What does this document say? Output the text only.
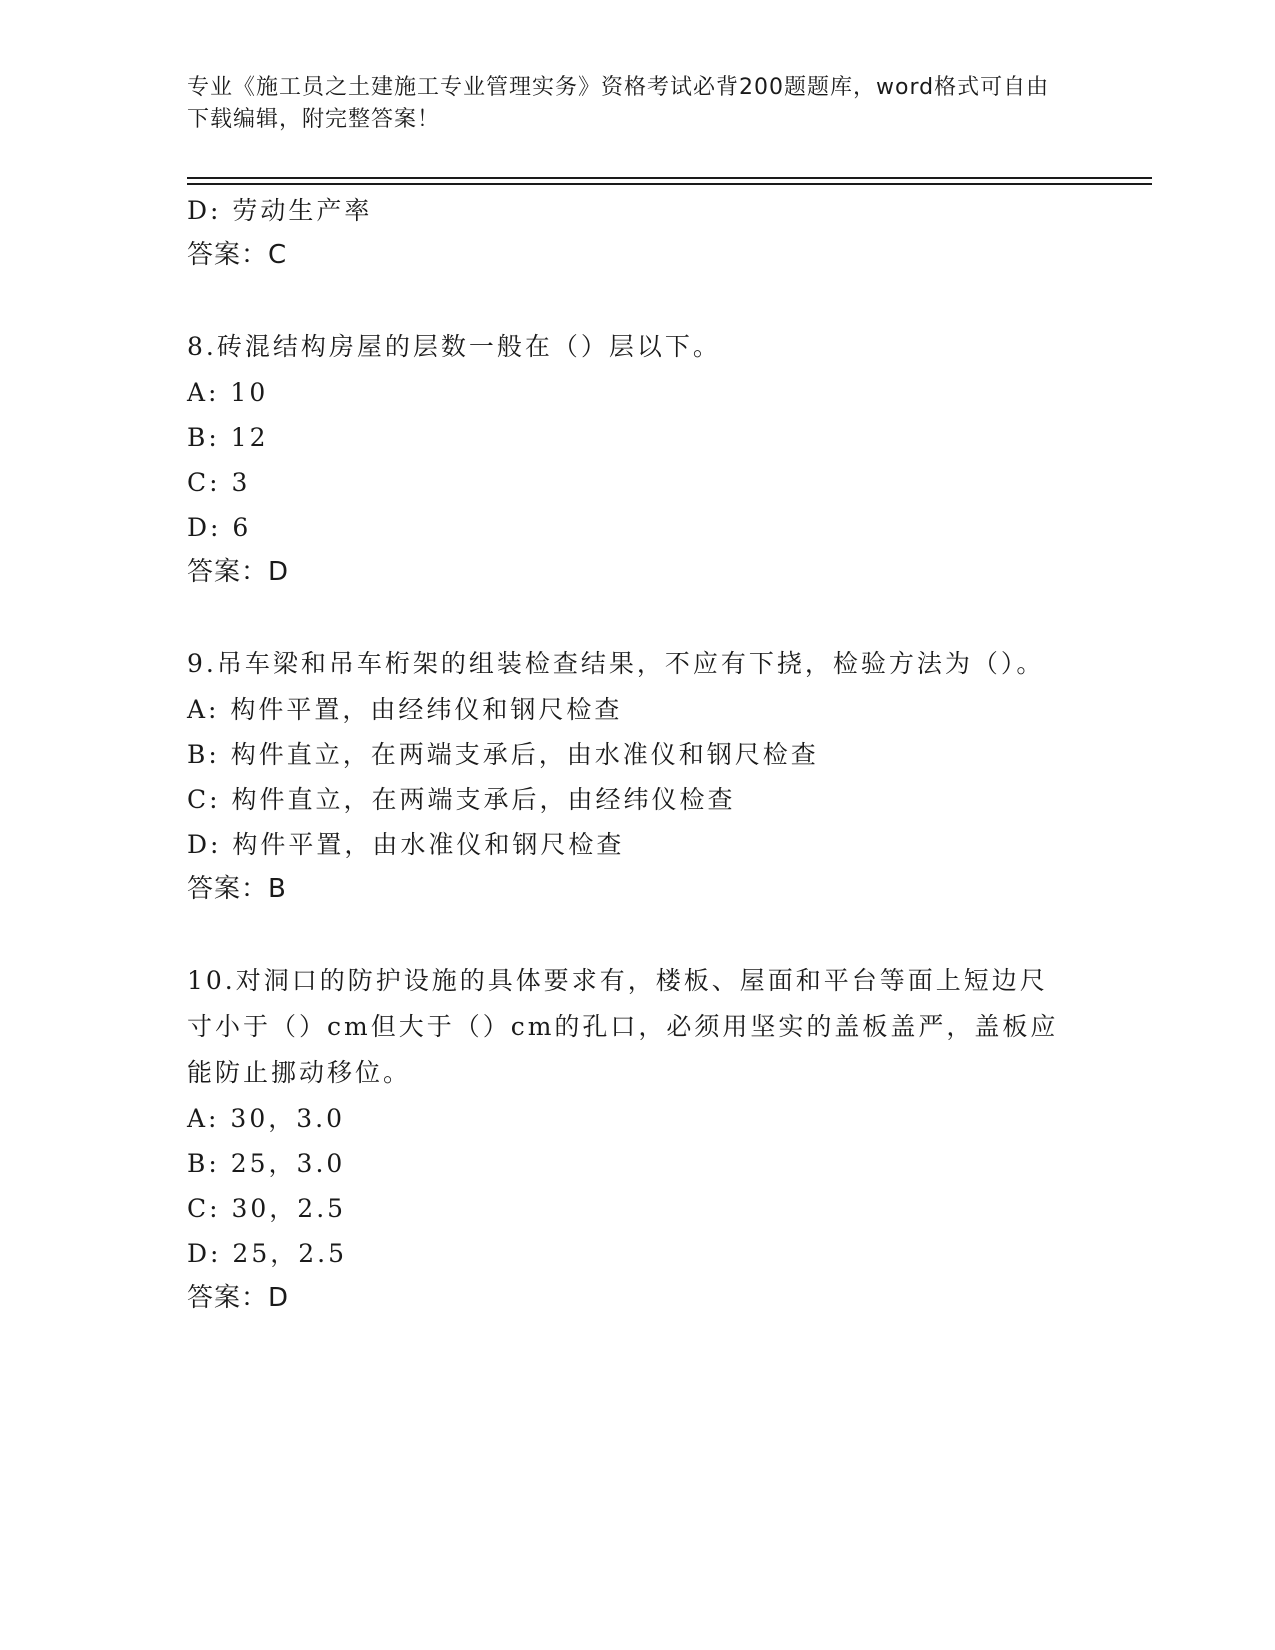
专业《施工员之土建施工专业管理实务》资格考试必背200题题库，word格式可自由下载编辑，附完整答案！
D: 劳动生产率
答案：C
8.砖混结构房屋的层数一般在（）层以下。
A: 10
B: 12
C: 3
D: 6
答案：D
9.吊车梁和吊车桁架的组装检查结果，不应有下挠，检验方法为（）。
A: 构件平置，由经纬仪和钢尺检查
B: 构件直立，在两端支承后，由水准仪和钢尺检查
C: 构件直立，在两端支承后，由经纬仪检查
D: 构件平置，由水准仪和钢尺检查
答案：B
10.对洞口的防护设施的具体要求有，楼板、屋面和平台等面上短边尺寸小于（）cm但大于（）cm的孔口，必须用坚实的盖板盖严，盖板应能防止挪动移位。
A: 30，3.0
B: 25，3.0
C: 30，2.5
D: 25，2.5
答案：D
